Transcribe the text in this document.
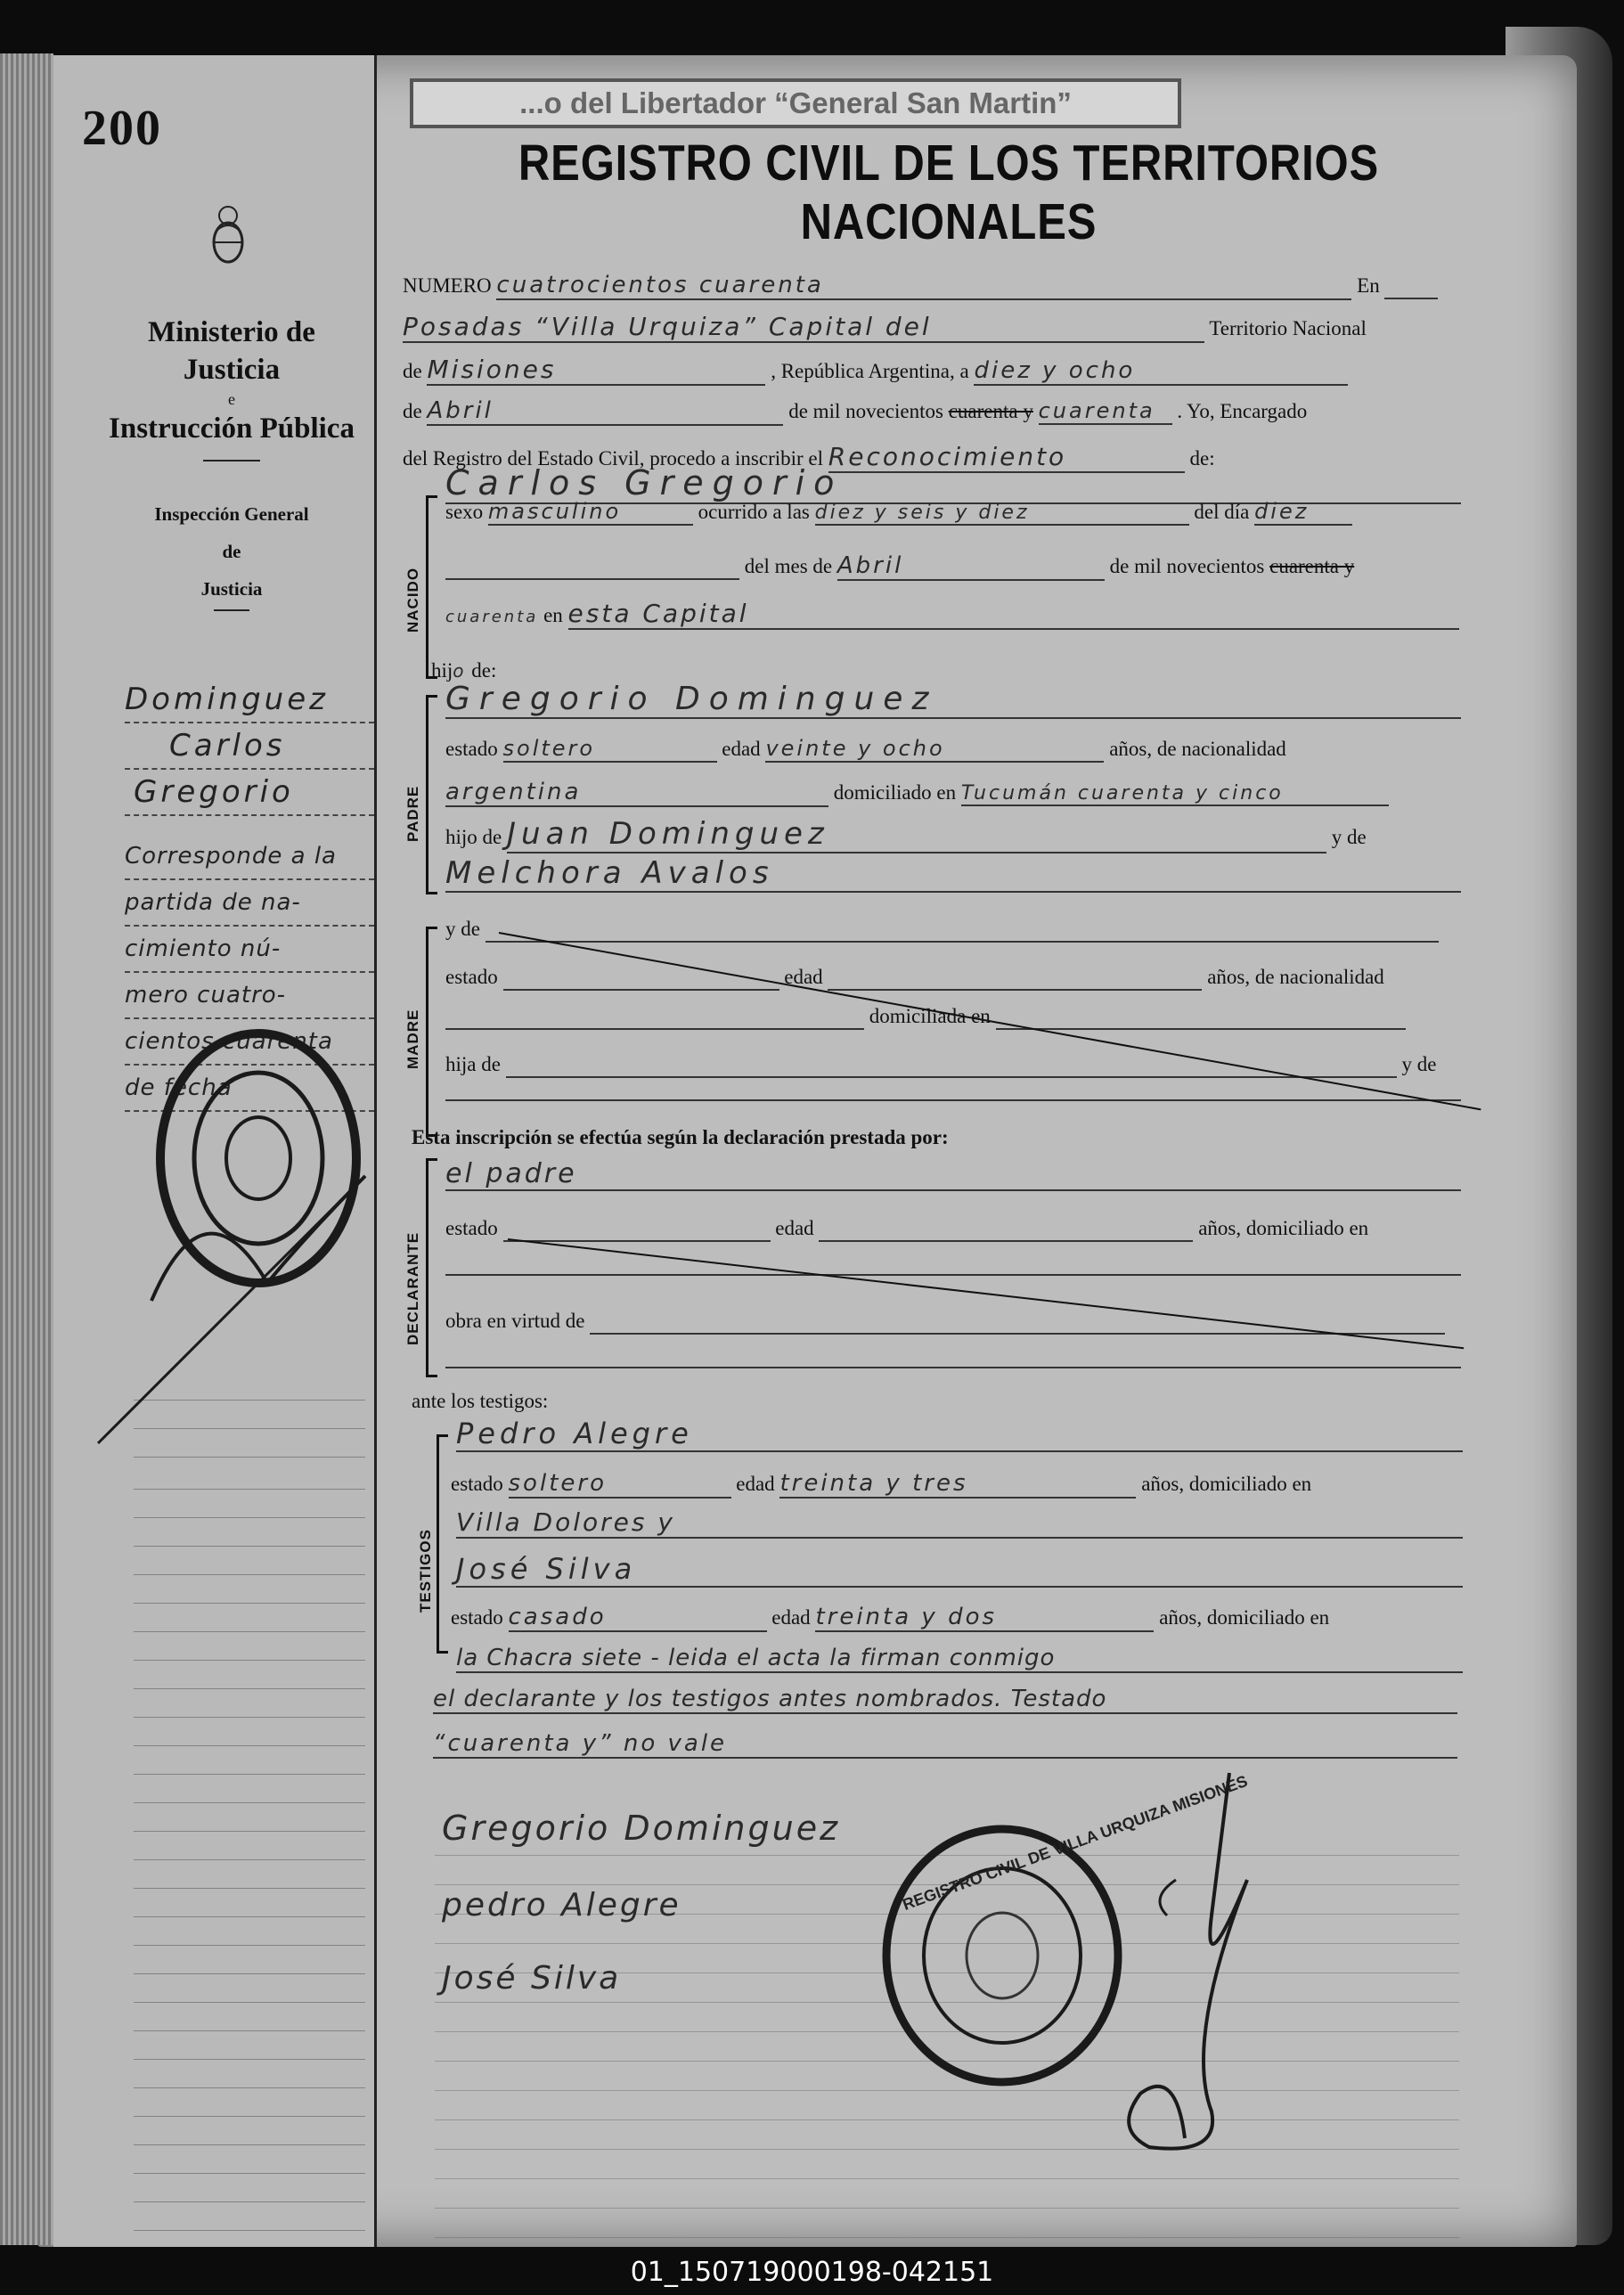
200
Ministerio de Justicia
e
Instrucción Pública
Inspección General
de
Justicia
Dominguez
Carlos
Gregorio
Corresponde a la
partida de na-
cimiento nú-
mero cuatro-
cientos cuarenta
de fecha
...o del Libertador “General San Martin”
REGISTRO CIVIL DE LOS TERRITORIOS NACIONALES
NUMERO cuatrocientos cuarenta	En
Posadas “Villa Urquiza” Capital del	Territorio Nacional
de Misiones	, República Argentina, a diez y ocho
de Abril	de mil novecientos cuarenta y cuarenta . Yo, Encargado
del Registro del Estado Civil, procedo a inscribir el Reconocimiento	de:
Carlos Gregorio
NACIDO
sexo masculino	ocurrido a las diez y seis y diez	del día diez
del mes de Abril	de mil novecientos cuarenta y
cuarenta en esta Capital
hijo de:
PADRE
Gregorio Dominguez
estado soltero	edad veinte y ocho	años, de nacionalidad
argentina	domiciliado en Tucumán cuarenta y cinco
hijo de Juan Dominguez	y de
Melchora Avalos
MADRE
y de
estado	edad	años, de nacionalidad
domiciliada en
hija de	y de

Esta inscripción se efectúa según la declaración prestada por:
DECLARANTE
el padre
estado	edad	años, domiciliado en

obra en virtud de

ante los testigos:
TESTIGOS
Pedro Alegre
estado soltero	edad treinta y tres	años, domiciliado en
Villa Dolores y
José Silva
estado casado	edad treinta y dos	años, domiciliado en
la Chacra siete - leida el acta la firman conmigo
el declarante y los testigos antes nombrados. Testado
“cuarenta y” no vale
Gregorio Dominguez
pedro Alegre
José Silva
REGISTRO CIVIL DE VILLA URQUIZA MISIONES
01_150719000198-042151
